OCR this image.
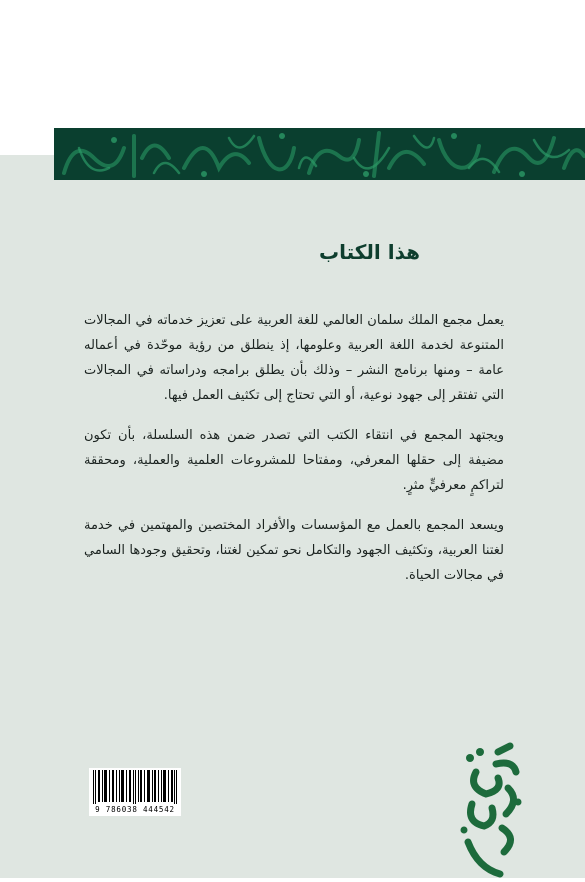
هذا الكتاب

يعمل مجمع الملك سلمان العالمي للغة العربية على تعزيز خدماته في المجالات المتنوعة لخدمة اللغة العربية وعلومها، إذ ينطلق من رؤية موحّدة في أعماله عامة – ومنها برنامج النشر – وذلك بأن يطلق برامجه ودراساته في المجالات التي تفتقر إلى جهود نوعية، أو التي تحتاج إلى تكثيف العمل فيها.

ويجتهد المجمع في انتقاء الكتب التي تصدر ضمن هذه السلسلة، بأن تكون مضيفة إلى حقلها المعرفي، ومفتاحا للمشروعات العلمية والعملية، ومحققة لتراكمٍ معرفيٍّ مثرٍ.

ويسعد المجمع بالعمل مع المؤسسات والأفراد المختصين والمهتمين في خدمة لغتنا العربية، وتكثيف الجهود والتكامل نحو تمكين لغتنا، وتحقيق وجودها السامي في مجالات الحياة.

9 786038 444542
